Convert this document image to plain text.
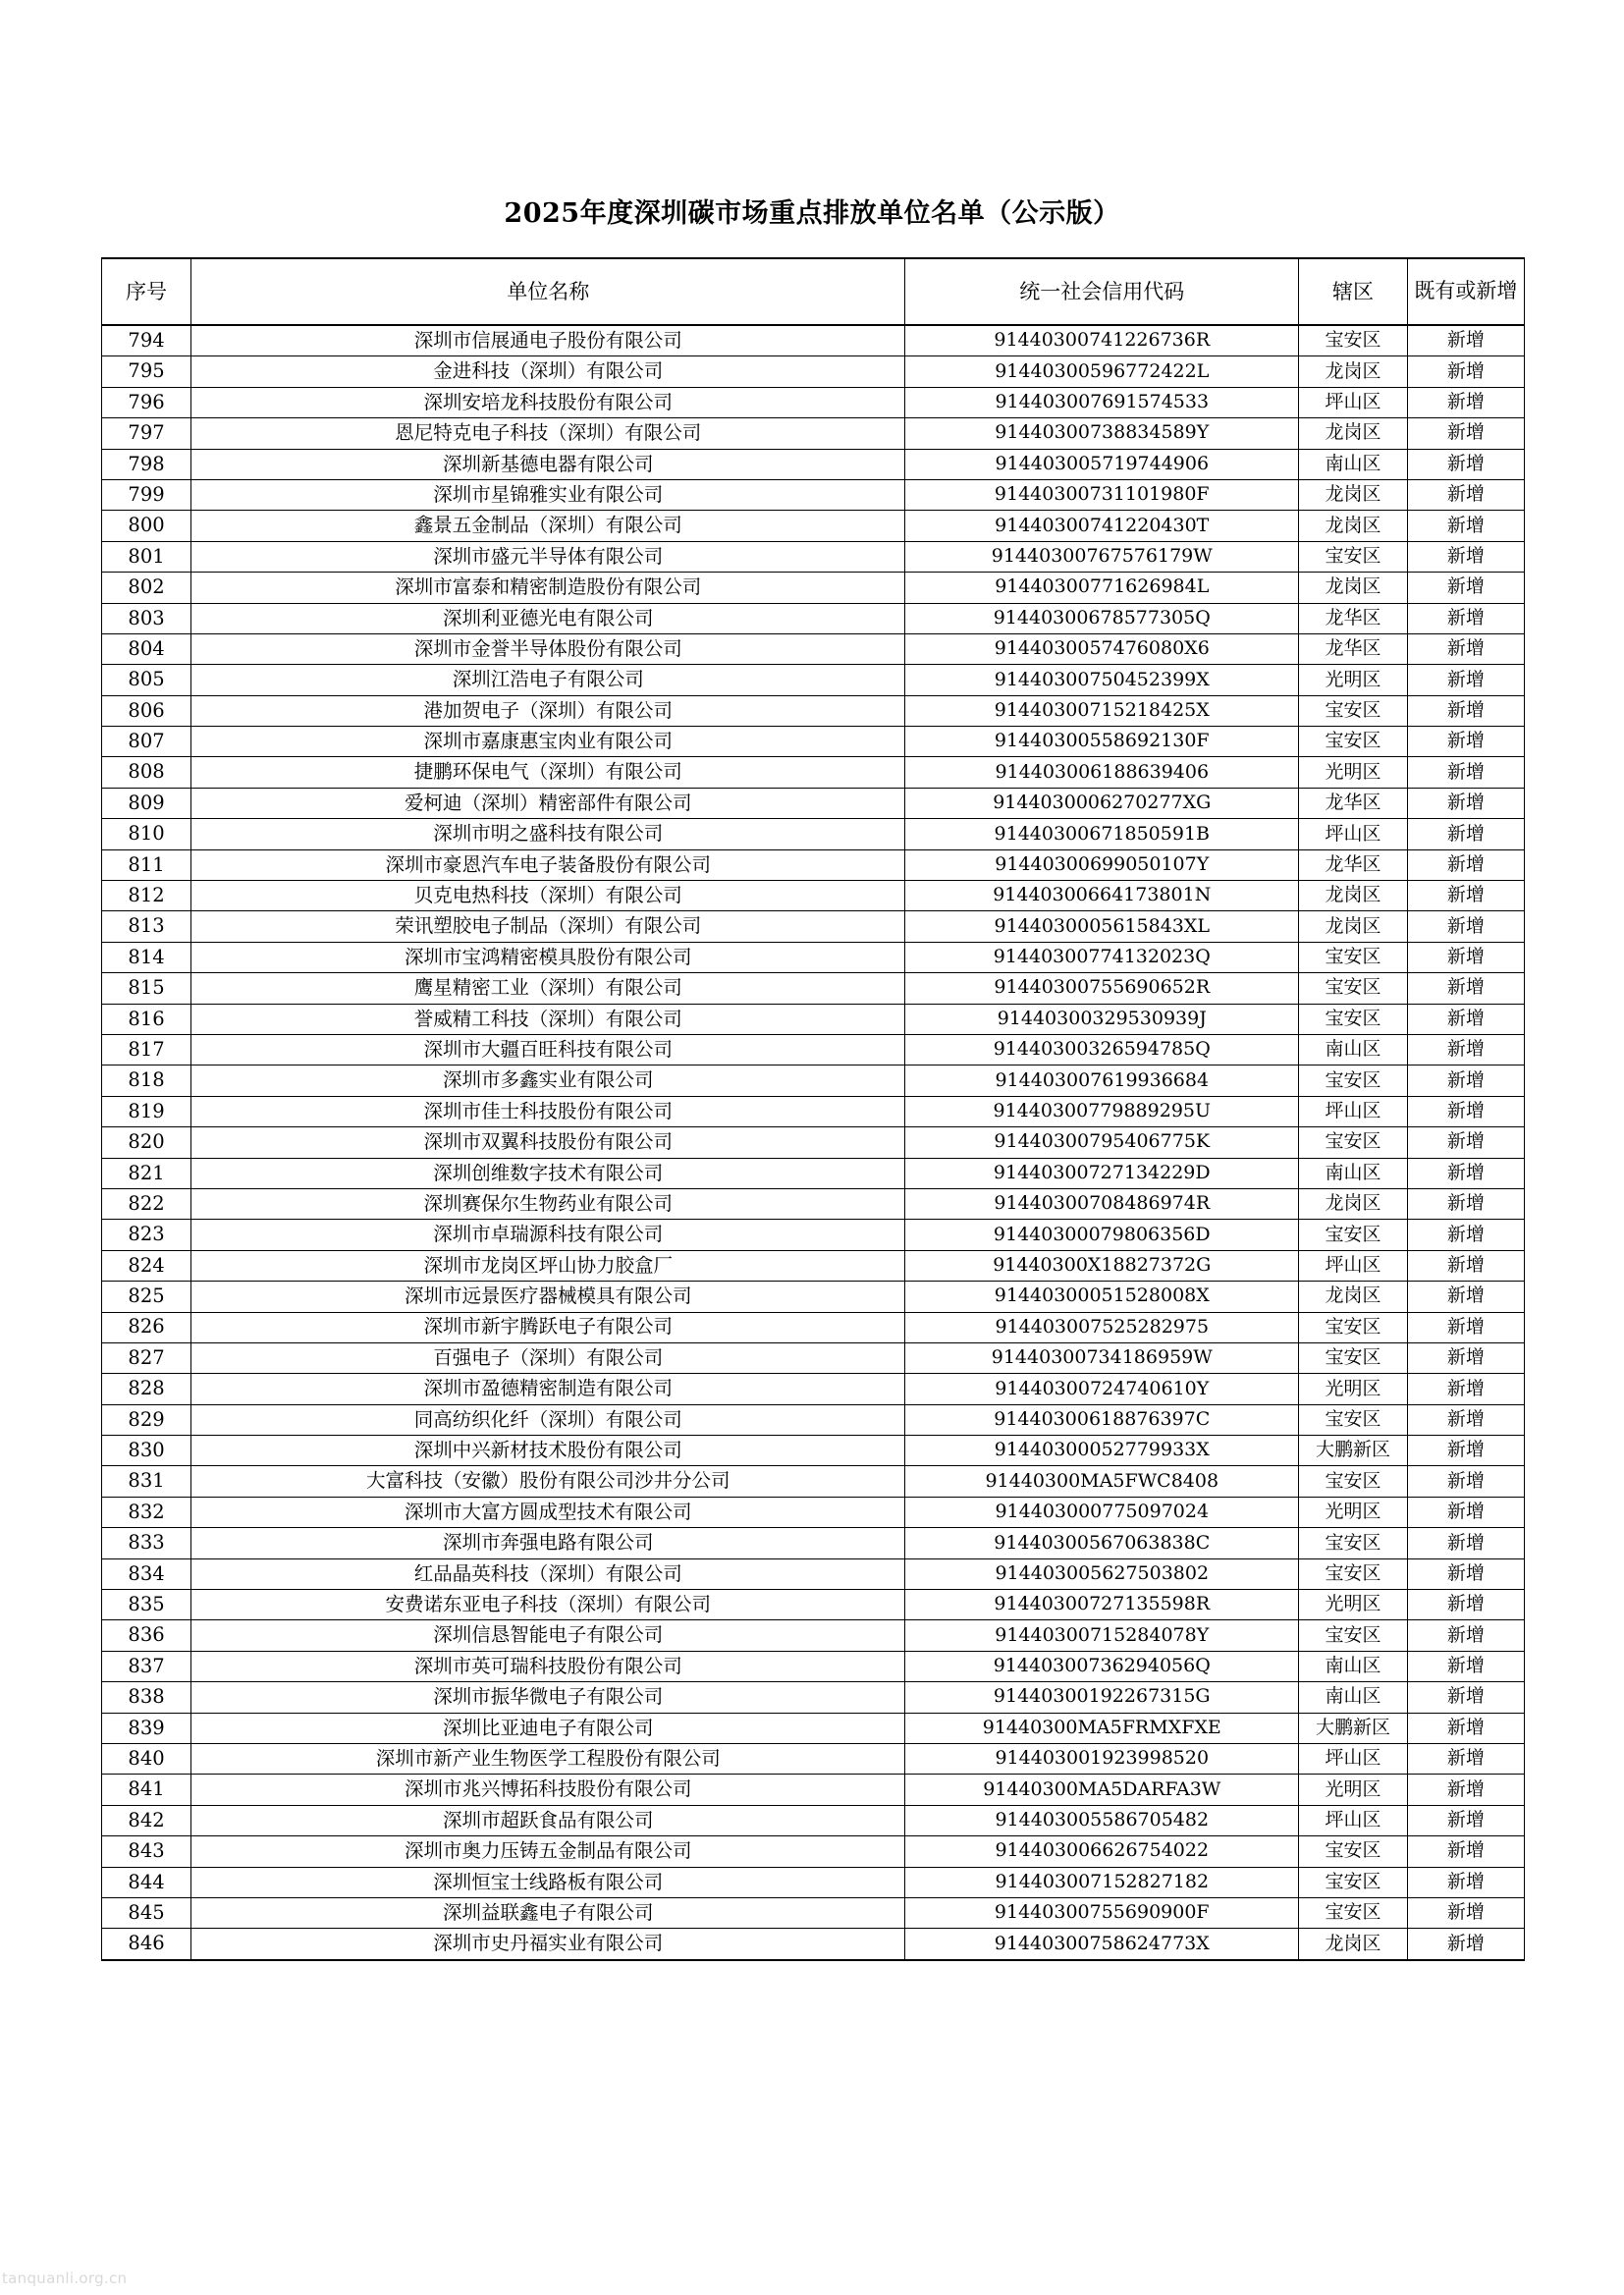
2025年度深圳碳市场重点排放单位名单（公示版）
序号	单位名称	统一社会信用代码	辖区	既有或新增
794	深圳市信展通电子股份有限公司	91440300741226736R	宝安区	新增
795	金进科技（深圳）有限公司	91440300596772422L	龙岗区	新增
796	深圳安培龙科技股份有限公司	914403007691574533	坪山区	新增
797	恩尼特克电子科技（深圳）有限公司	91440300738834589Y	龙岗区	新增
798	深圳新基德电器有限公司	914403005719744906	南山区	新增
799	深圳市星锦雅实业有限公司	91440300731101980F	龙岗区	新增
800	鑫景五金制品（深圳）有限公司	91440300741220430T	龙岗区	新增
801	深圳市盛元半导体有限公司	91440300767576179W	宝安区	新增
802	深圳市富泰和精密制造股份有限公司	91440300771626984L	龙岗区	新增
803	深圳利亚德光电有限公司	91440300678577305Q	龙华区	新增
804	深圳市金誉半导体股份有限公司	9144030057476080X6	龙华区	新增
805	深圳江浩电子有限公司	91440300750452399X	光明区	新增
806	港加贺电子（深圳）有限公司	91440300715218425X	宝安区	新增
807	深圳市嘉康惠宝肉业有限公司	91440300558692130F	宝安区	新增
808	捷鹏环保电气（深圳）有限公司	914403006188639406	光明区	新增
809	爱柯迪（深圳）精密部件有限公司	9144030006270277XG	龙华区	新增
810	深圳市明之盛科技有限公司	91440300671850591B	坪山区	新增
811	深圳市豪恩汽车电子装备股份有限公司	91440300699050107Y	龙华区	新增
812	贝克电热科技（深圳）有限公司	91440300664173801N	龙岗区	新增
813	荣讯塑胶电子制品（深圳）有限公司	9144030005615843XL	龙岗区	新增
814	深圳市宝鸿精密模具股份有限公司	91440300774132023Q	宝安区	新增
815	鹰星精密工业（深圳）有限公司	91440300755690652R	宝安区	新增
816	誉威精工科技（深圳）有限公司	91440300329530939J	宝安区	新增
817	深圳市大疆百旺科技有限公司	91440300326594785Q	南山区	新增
818	深圳市多鑫实业有限公司	914403007619936684	宝安区	新增
819	深圳市佳士科技股份有限公司	91440300779889295U	坪山区	新增
820	深圳市双翼科技股份有限公司	91440300795406775K	宝安区	新增
821	深圳创维数字技术有限公司	91440300727134229D	南山区	新增
822	深圳赛保尔生物药业有限公司	91440300708486974R	龙岗区	新增
823	深圳市卓瑞源科技有限公司	91440300079806356D	宝安区	新增
824	深圳市龙岗区坪山协力胶盒厂	91440300X18827372G	坪山区	新增
825	深圳市远景医疗器械模具有限公司	91440300051528008X	龙岗区	新增
826	深圳市新宇腾跃电子有限公司	914403007525282975	宝安区	新增
827	百强电子（深圳）有限公司	91440300734186959W	宝安区	新增
828	深圳市盈德精密制造有限公司	91440300724740610Y	光明区	新增
829	同高纺织化纤（深圳）有限公司	91440300618876397C	宝安区	新增
830	深圳中兴新材技术股份有限公司	91440300052779933X	大鹏新区	新增
831	大富科技（安徽）股份有限公司沙井分公司	91440300MA5FWC8408	宝安区	新增
832	深圳市大富方圆成型技术有限公司	914403000775097024	光明区	新增
833	深圳市奔强电路有限公司	91440300567063838C	宝安区	新增
834	红品晶英科技（深圳）有限公司	914403005627503802	宝安区	新增
835	安费诺东亚电子科技（深圳）有限公司	91440300727135598R	光明区	新增
836	深圳信恳智能电子有限公司	91440300715284078Y	宝安区	新增
837	深圳市英可瑞科技股份有限公司	91440300736294056Q	南山区	新增
838	深圳市振华微电子有限公司	91440300192267315G	南山区	新增
839	深圳比亚迪电子有限公司	91440300MA5FRMXFXE	大鹏新区	新增
840	深圳市新产业生物医学工程股份有限公司	914403001923998520	坪山区	新增
841	深圳市兆兴博拓科技股份有限公司	91440300MA5DARFA3W	光明区	新增
842	深圳市超跃食品有限公司	914403005586705482	坪山区	新增
843	深圳市奥力压铸五金制品有限公司	914403006626754022	宝安区	新增
844	深圳恒宝士线路板有限公司	914403007152827182	宝安区	新增
845	深圳益联鑫电子有限公司	91440300755690900F	宝安区	新增
846	深圳市史丹福实业有限公司	91440300758624773X	龙岗区	新增
tanquanli.org.cn
